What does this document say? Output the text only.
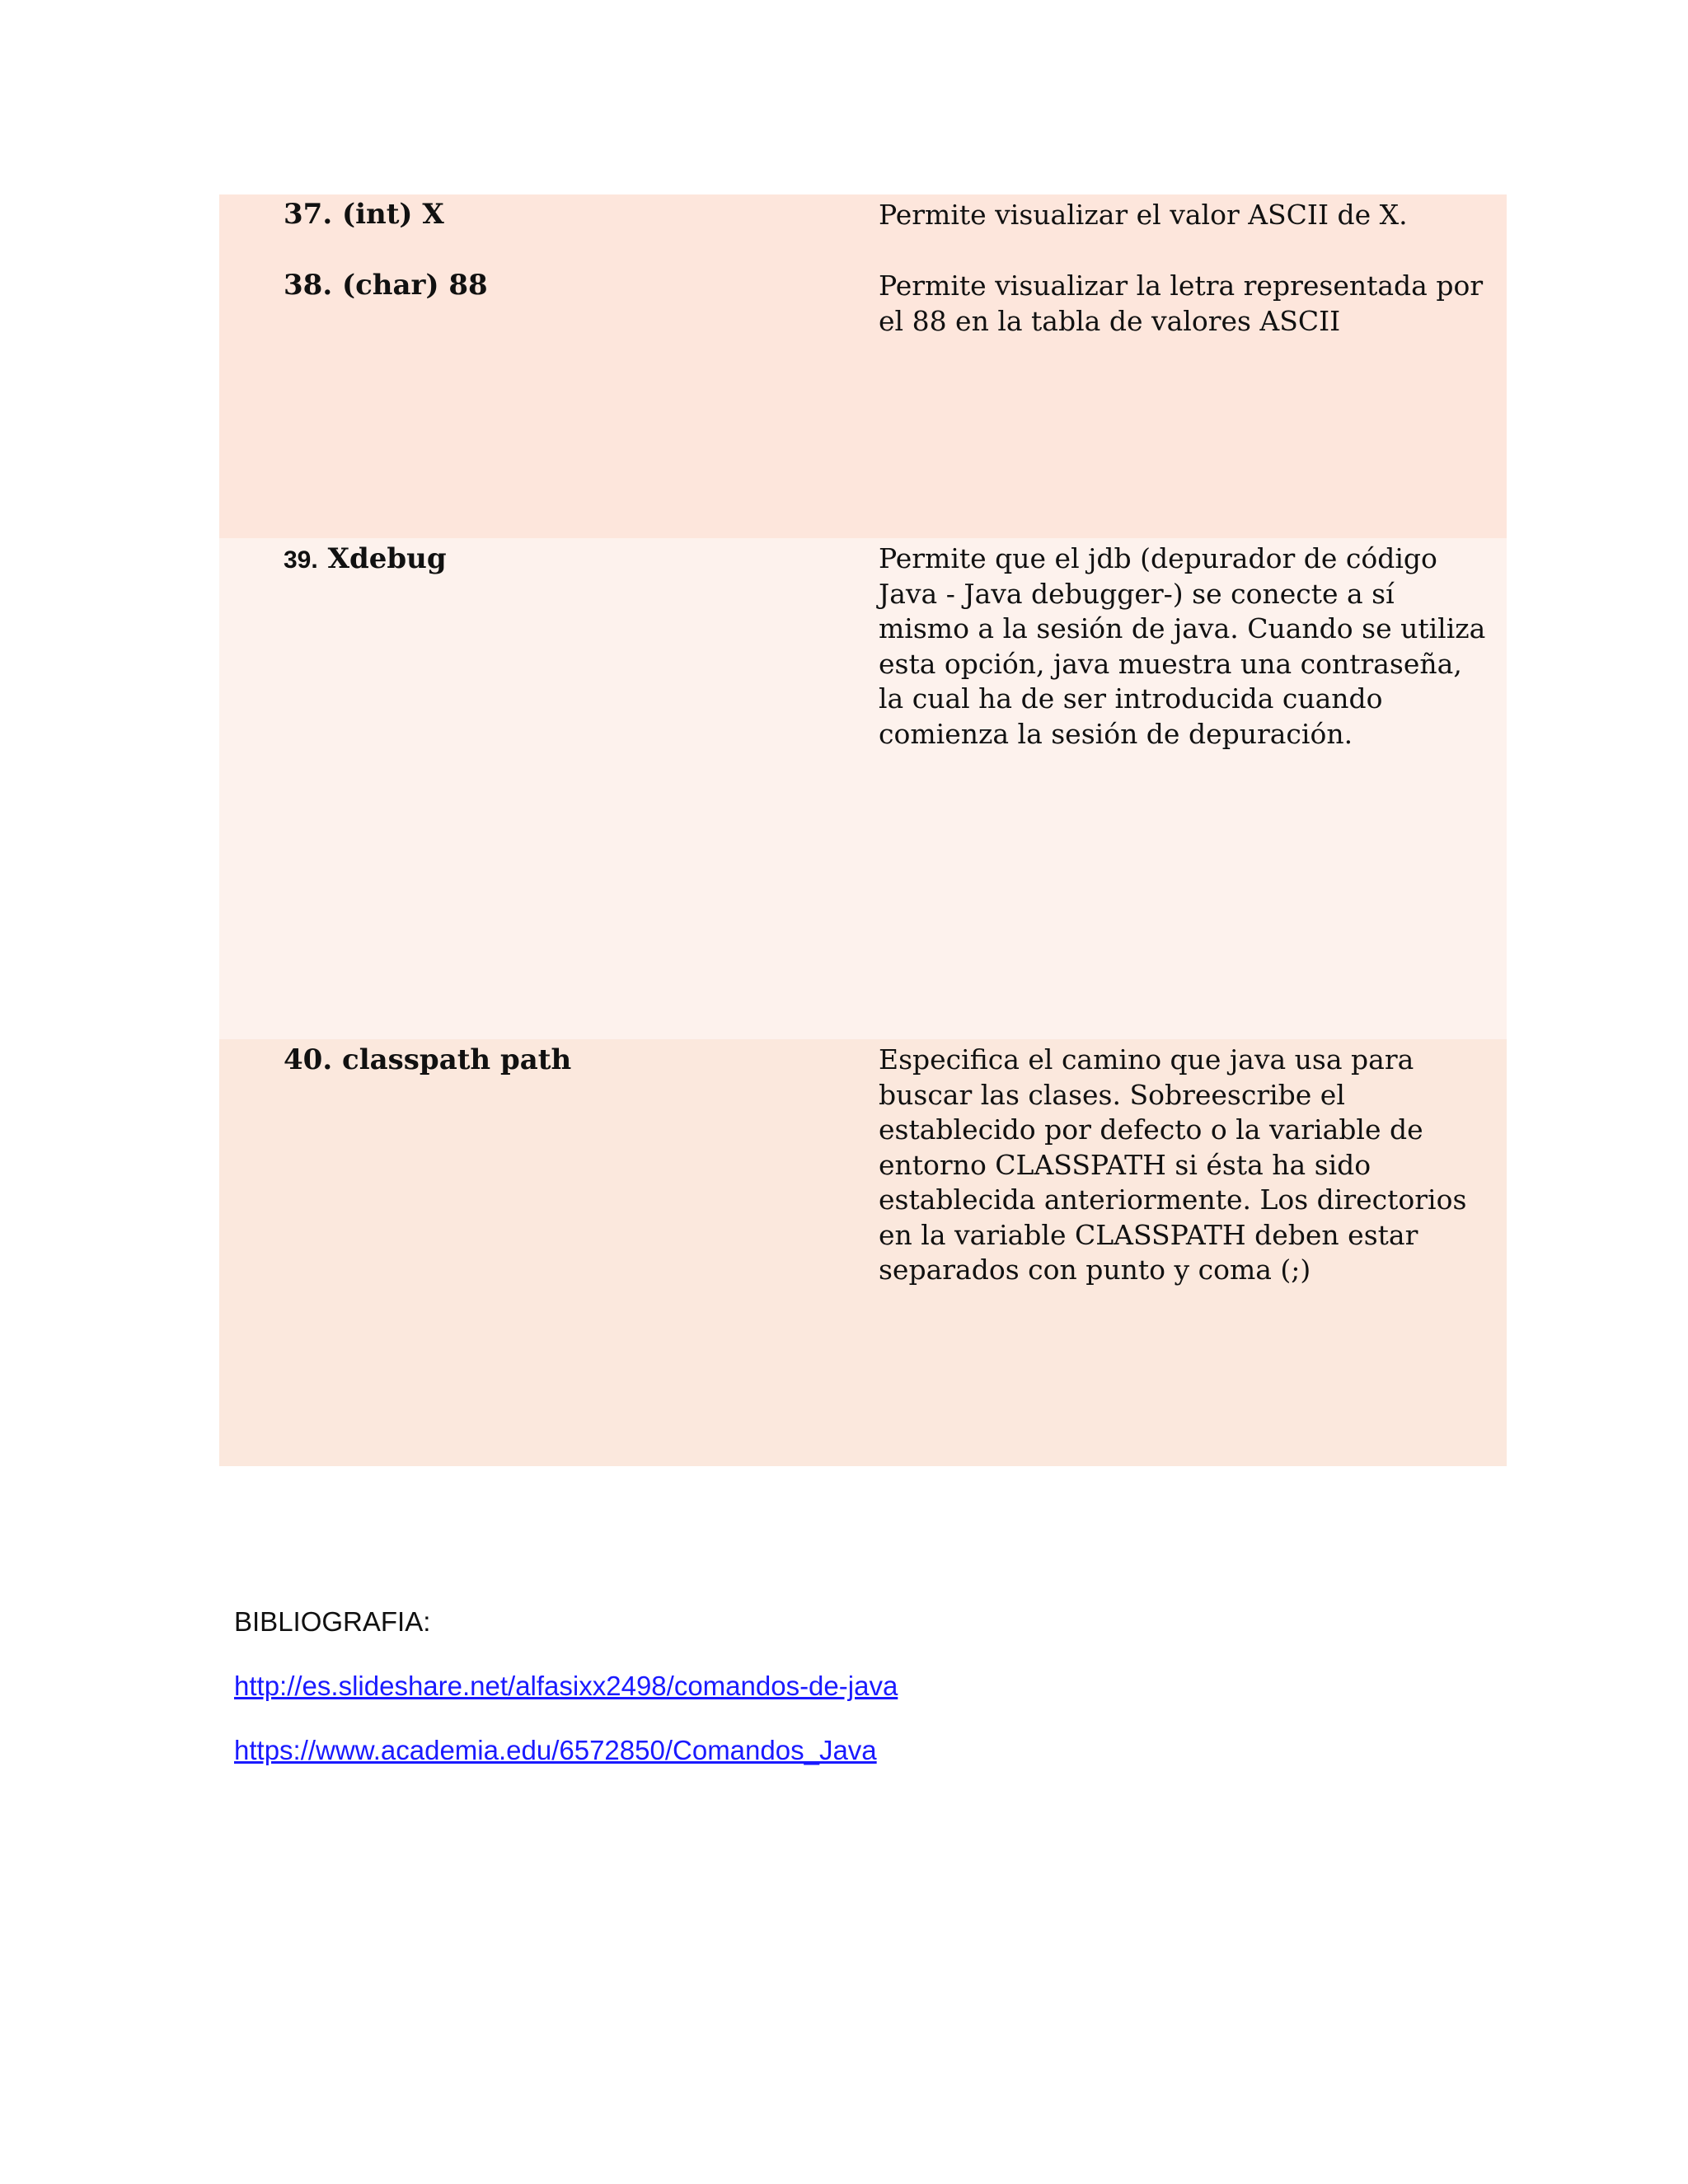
37. (int) X	Permite visualizar el valor ASCII de X.
38. (char) 88	Permite visualizar la letra representada por el 88 en la tabla de valores ASCII
39. Xdebug	Permite que el jdb (depurador de código Java - Java debugger-) se conecte a sí mismo a la sesión de java. Cuando se utiliza esta opción, java muestra una contraseña, la cual ha de ser introducida cuando comienza la sesión de depuración.
40. classpath path	Especifica el camino que java usa para buscar las clases. Sobreescribe el establecido por defecto o la variable de entorno CLASSPATH si ésta ha sido establecida anteriormente. Los directorios en la variable CLASSPATH deben estar separados con punto y coma (;)
BIBLIOGRAFIA:
http://es.slideshare.net/alfasixx2498/comandos-de-java
https://www.academia.edu/6572850/Comandos_Java
